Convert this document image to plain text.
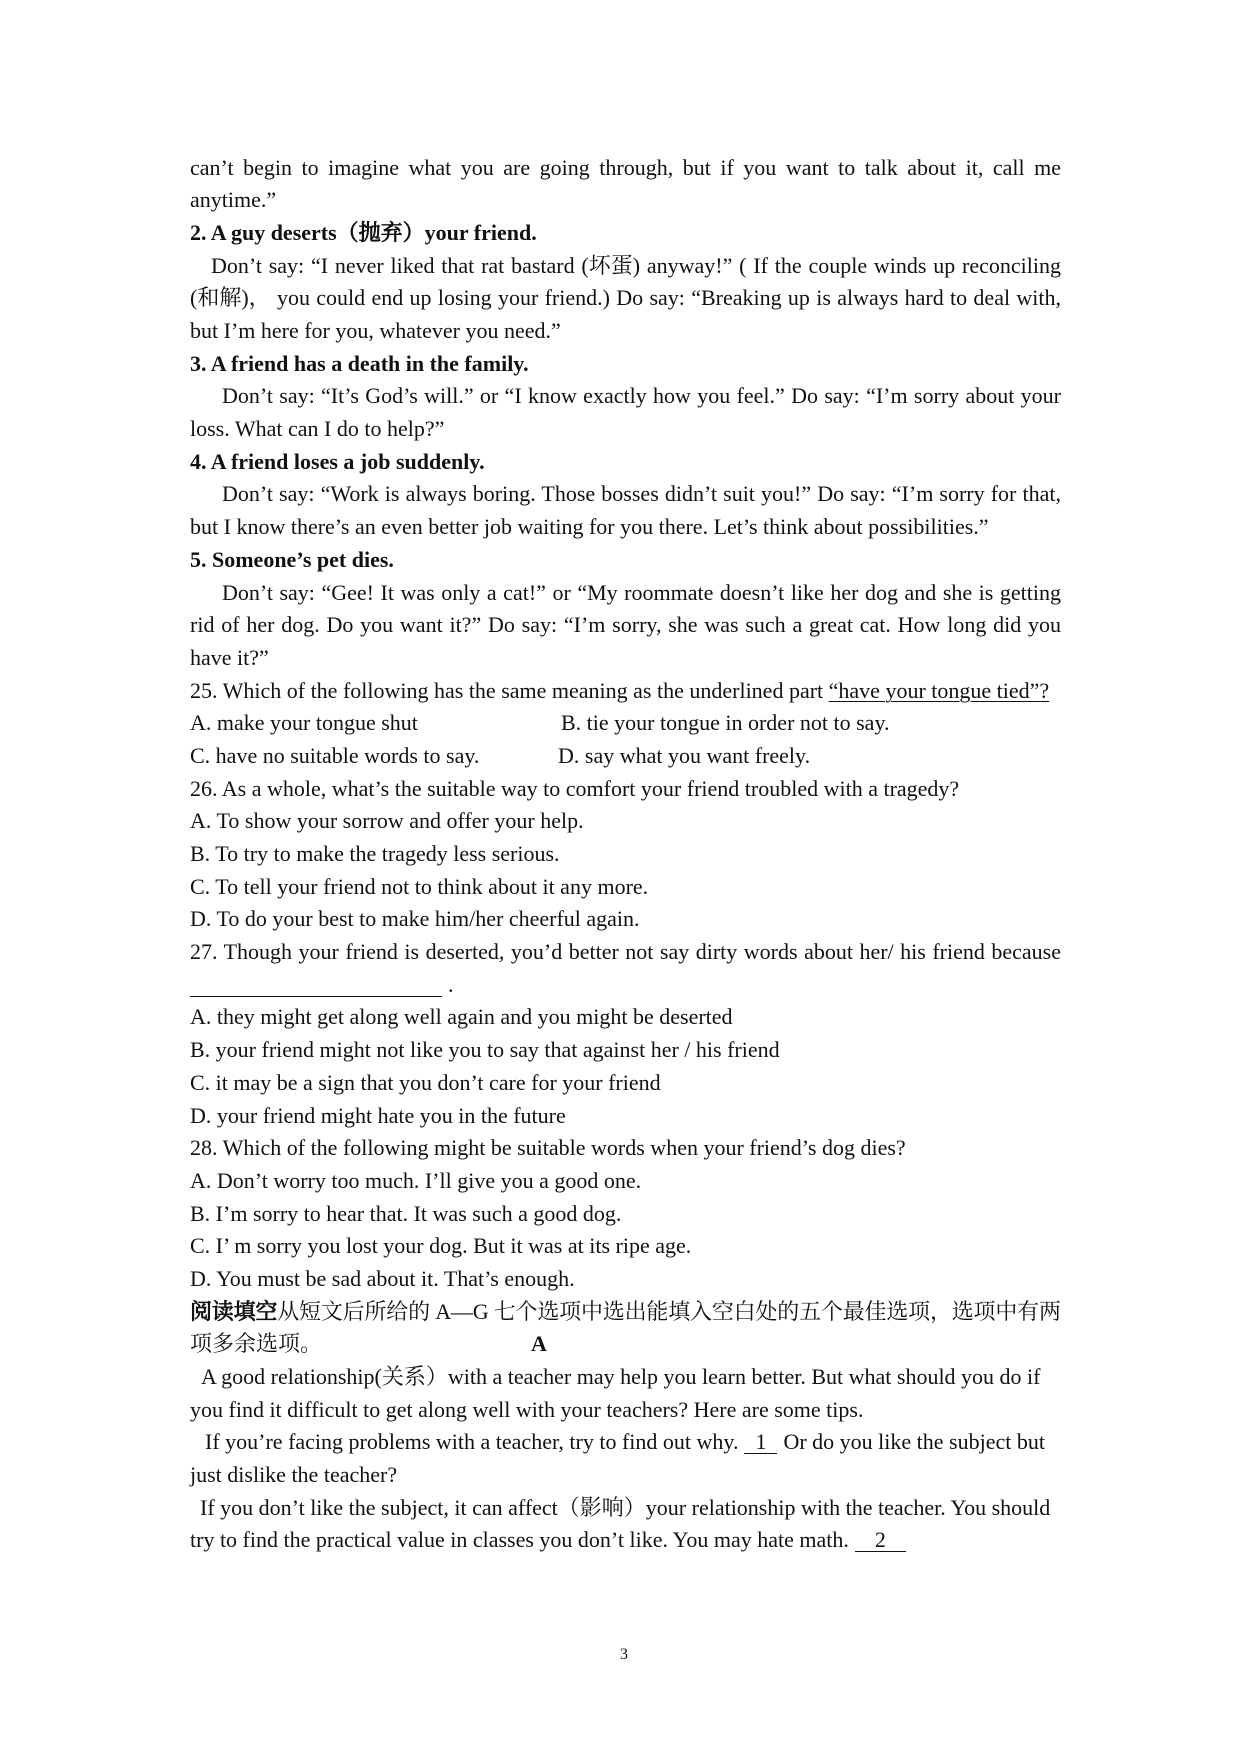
can’t begin to imagine what you are going through, but if you want to talk about it, call me
anytime.”
2. A guy deserts（抛弃）your friend.
Don’t say: “I never liked that rat bastard (坏蛋) anyway!” ( If the couple winds up reconciling
(和解)， you could end up losing your friend.) Do say: “Breaking up is always hard to deal with,
but I’m here for you, whatever you need.”
3. A friend has a death in the family.
Don’t say: “It’s God’s will.” or “I know exactly how you feel.” Do say: “I’m sorry about your
loss. What can I do to help?”
4. A friend loses a job suddenly.
Don’t say: “Work is always boring. Those bosses didn’t suit you!” Do say: “I’m sorry for that,
but I know there’s an even better job waiting for you there. Let’s think about possibilities.”
5. Someone’s pet dies.
Don’t say: “Gee! It was only a cat!” or “My roommate doesn’t like her dog and she is getting
rid of her dog. Do you want it?” Do say: “I’m sorry, she was such a great cat. How long did you
have it?”
25. Which of the following has the same meaning as the underlined part “have your tongue tied”?
A. make your tongue shut	B. tie your tongue in order not to say.
C. have no suitable words to say.	D. say what you want freely.
26. As a whole, what’s the suitable way to comfort your friend troubled with a tragedy?
A. To show your sorrow and offer your help.
B. To try to make the tragedy less serious.
C. To tell your friend not to think about it any more.
D. To do your best to make him/her cheerful again.
27. Though your friend is deserted, you’d better not say dirty words about her/ his friend because
.
A. they might get along well again and you might be deserted
B. your friend might not like you to say that against her / his friend
C. it may be a sign that you don’t care for your friend
D. your friend might hate you in the future
28. Which of the following might be suitable words when your friend’s dog dies?
A. Don’t worry too much. I’ll give you a good one.
B. I’m sorry to hear that. It was such a good dog.
C. I’ m sorry you lost your dog. But it was at its ripe age.
D. You must be sad about it. That’s enough.
阅读填空从短文后所给的 A—G 七个选项中选出能填入空白处的五个最佳选项，选项中有两
项多余选项。	A
A good relationship(关系）with a teacher may help you learn better. But what should you do if
you find it difficult to get along well with your teachers? Here are some tips.
If you’re facing problems with a teacher, try to find out why. 1 Or do you like the subject but
just dislike the teacher?
If you don’t like the subject, it can affect（影响）your relationship with the teacher. You should
try to find the practical value in classes you don’t like. You may hate math. 2
3
